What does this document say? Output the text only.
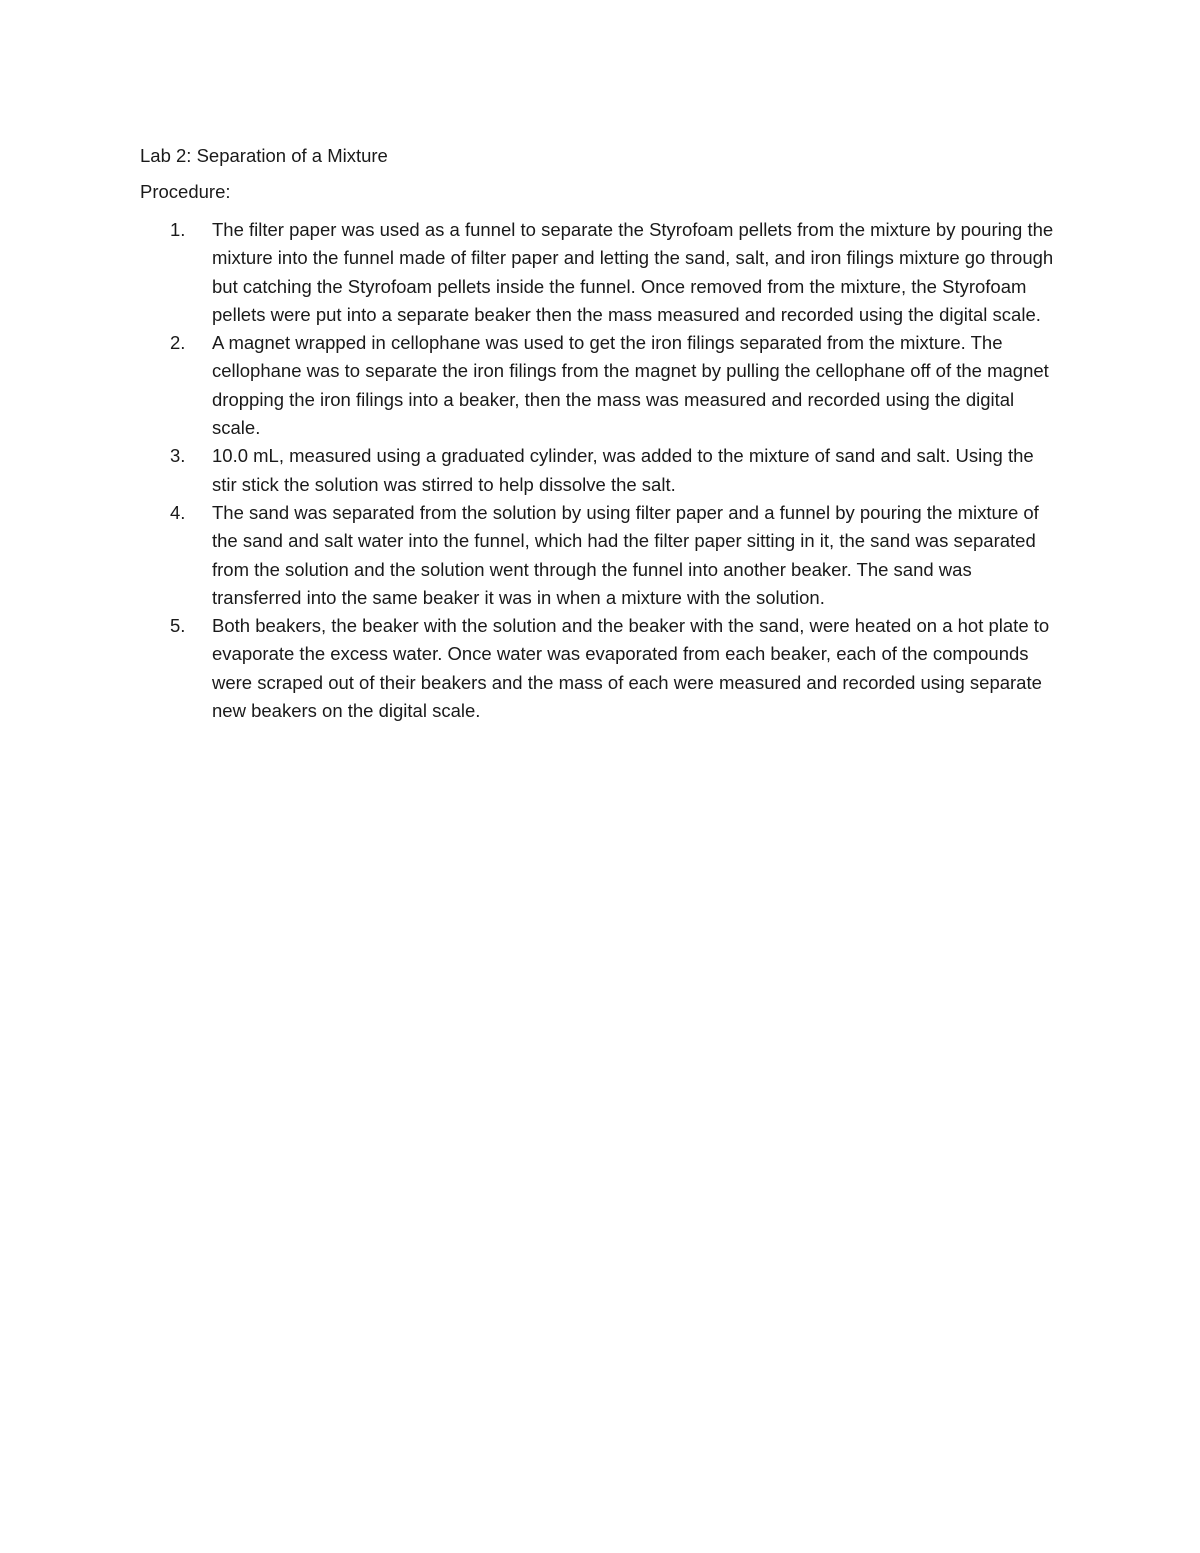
Lab 2: Separation of a Mixture

Procedure:

1.	The filter paper was used as a funnel to separate the Styrofoam pellets from the mixture by pouring the mixture into the funnel made of filter paper and letting the sand, salt, and iron filings mixture go through but catching the Styrofoam pellets inside the funnel. Once removed from the mixture, the Styrofoam pellets were put into a separate beaker then the mass measured and recorded using the digital scale.
2.	A magnet wrapped in cellophane was used to get the iron filings separated from the mixture. The cellophane was to separate the iron filings from the magnet by pulling the cellophane off of the magnet dropping the iron filings into a beaker, then the mass was measured and recorded using the digital scale.
3.	10.0 mL, measured using a graduated cylinder, was added to the mixture of sand and salt. Using the stir stick the solution was stirred to help dissolve the salt.
4.	The sand was separated from the solution by using filter paper and a funnel by pouring the mixture of the sand and salt water into the funnel, which had the filter paper sitting in it, the sand was separated from the solution and the solution went through the funnel into another beaker. The sand was transferred into the same beaker it was in when a mixture with the solution.
5.	Both beakers, the beaker with the solution and the beaker with the sand, were heated on a hot plate to evaporate the excess water. Once water was evaporated from each beaker, each of the compounds were scraped out of their beakers and the mass of each were measured and recorded using separate new beakers on the digital scale.
